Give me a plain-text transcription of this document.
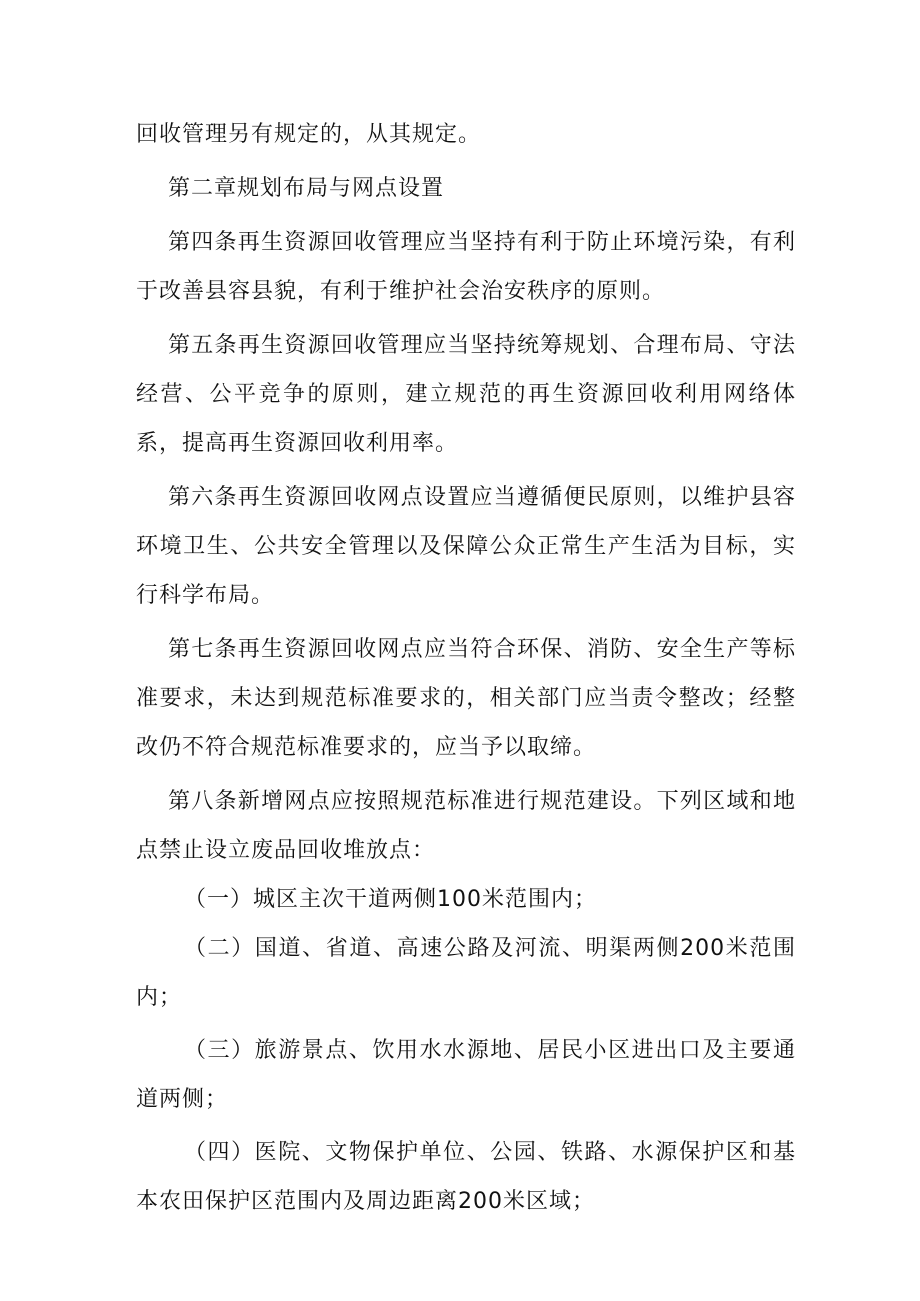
回收管理另有规定的，从其规定。

第二章规划布局与网点设置

第四条再生资源回收管理应当坚持有利于防止环境污染，有利于改善县容县貌，有利于维护社会治安秩序的原则。

第五条再生资源回收管理应当坚持统筹规划、合理布局、守法经营、公平竞争的原则，建立规范的再生资源回收利用网络体系，提高再生资源回收利用率。

第六条再生资源回收网点设置应当遵循便民原则，以维护县容环境卫生、公共安全管理以及保障公众正常生产生活为目标，实行科学布局。

第七条再生资源回收网点应当符合环保、消防、安全生产等标准要求，未达到规范标准要求的，相关部门应当责令整改；经整改仍不符合规范标准要求的，应当予以取缔。

第八条新增网点应按照规范标准进行规范建设。下列区域和地点禁止设立废品回收堆放点：

（一）城区主次干道两侧100米范围内；

（二）国道、省道、高速公路及河流、明渠两侧200米范围内；

（三）旅游景点、饮用水水源地、居民小区进出口及主要通道两侧；

（四）医院、文物保护单位、公园、铁路、水源保护区和基本农田保护区范围内及周边距离200米区域；
